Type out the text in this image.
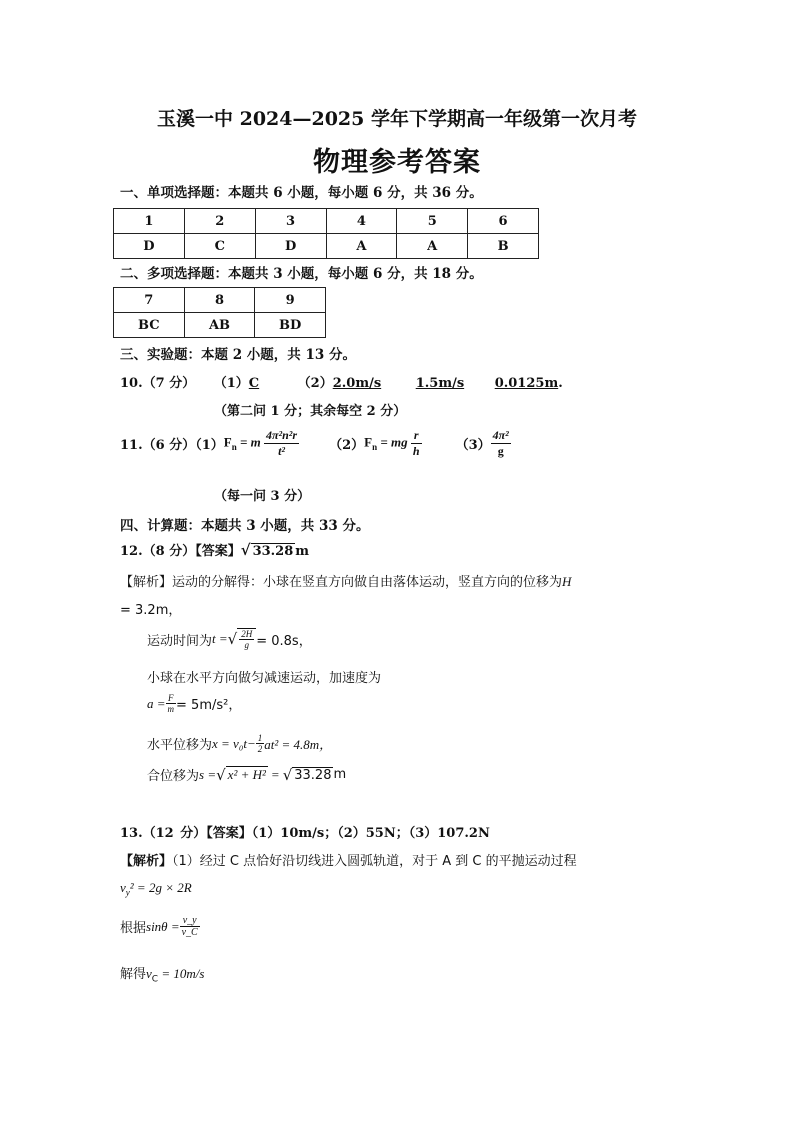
玉溪一中 2024—2025 学年下学期高一年级第一次月考
物理参考答案
一、单项选择题：本题共 6 小题，每小题 6 分，共 36 分。
1	2	3	4	5	6
D	C	D	A	A	B
二、多项选择题：本题共 3 小题，每小题 6 分，共 18 分。
7	8	9
BC	AB	BD
三、实验题：本题 2 小题，共 13 分。
10.（7 分） （1）C	（2）2.0m/s	1.5m/s 0.0125m.
（第二问 1 分；其余每空 2 分）
11.（6 分）（1） $F_n = m \frac{\text{4π²n²r}}{\text{t²}} (2) F_n$ = mg $\frac{r}{h}$	$(3) \frac{\text{4π²}}{g}$
（每一问 3 分）
四、计算题：本题共 3 小题，共 33 分。
12.（8 分）【答案】√ 33.28 m
【解析】运动的分解得：小球在竖直方向做自由落体运动，竖直方向的位移为H
= 3.2m，
运动时间为 t = √ $\frac{2H}{g} = 0.8s$，
小球在水平方向做匀减速运动，加速度为
$a = \frac{F}{m} = 5m/s^2$，
水平位移为 $x = v_0t- \frac{1}{2} at^2 = 4.8m$，
合位移为 s = √ x² + H² = √ 33.28 m
13.（12 分）【答案】（1）10m/s；（2）55N；（3）107.2N
【解析】（1）经过 C 点恰好沿切线进入圆弧轨道，对于 A 到 C 的平抛运动过程
$v_y^2 = 2g \times 2R$
根据 $\sin\theta = \frac{v\_y}{v\_C}$
解得$v_C = 10m/s$
